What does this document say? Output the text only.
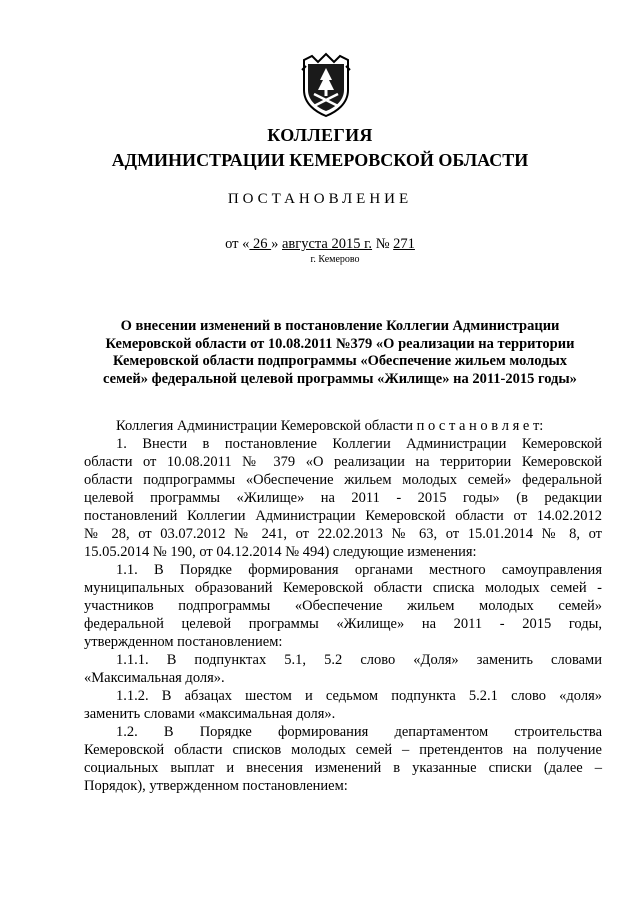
КОЛЛЕГИЯ
АДМИНИСТРАЦИИ КЕМЕРОВСКОЙ ОБЛАСТИ
ПОСТАНОВЛЕНИЕ
от « 26 » августа 2015 г. № 271
г. Кемерово
О внесении изменений в постановление Коллегии Администрации
Кемеровской области от 10.08.2011 №379 «О реализации на территории
Кемеровской области подпрограммы «Обеспечение жильем молодых
семей» федеральной целевой программы «Жилище» на 2011-2015 годы»
Коллегия Администрации Кемеровской области п о с т а н о в л я е т:
1. Внести в постановление Коллегии Администрации Кемеровской
области от 10.08.2011 № 379 «О реализации на территории Кемеровской
области подпрограммы «Обеспечение жильем молодых семей» федеральной
целевой программы «Жилище» на 2011 - 2015 годы» (в редакции
постановлений Коллегии Администрации Кемеровской области от 14.02.2012
№ 28, от 03.07.2012 № 241, от 22.02.2013 № 63, от 15.01.2014 № 8, от
15.05.2014 № 190, от 04.12.2014 № 494) следующие изменения:
1.1. В Порядке формирования органами местного самоуправления
муниципальных образований Кемеровской области списка молодых семей -
участников подпрограммы «Обеспечение жильем молодых семей»
федеральной целевой программы «Жилище» на 2011 - 2015 годы,
утвержденном постановлением:
1.1.1. В подпунктах 5.1, 5.2 слово «Доля» заменить словами
«Максимальная доля».
1.1.2. В абзацах шестом и седьмом подпункта 5.2.1 слово «доля»
заменить словами «максимальная доля».
1.2. В Порядке формирования департаментом строительства
Кемеровской области списков молодых семей – претендентов на получение
социальных выплат и внесения изменений в указанные списки (далее –
Порядок), утвержденном постановлением:
